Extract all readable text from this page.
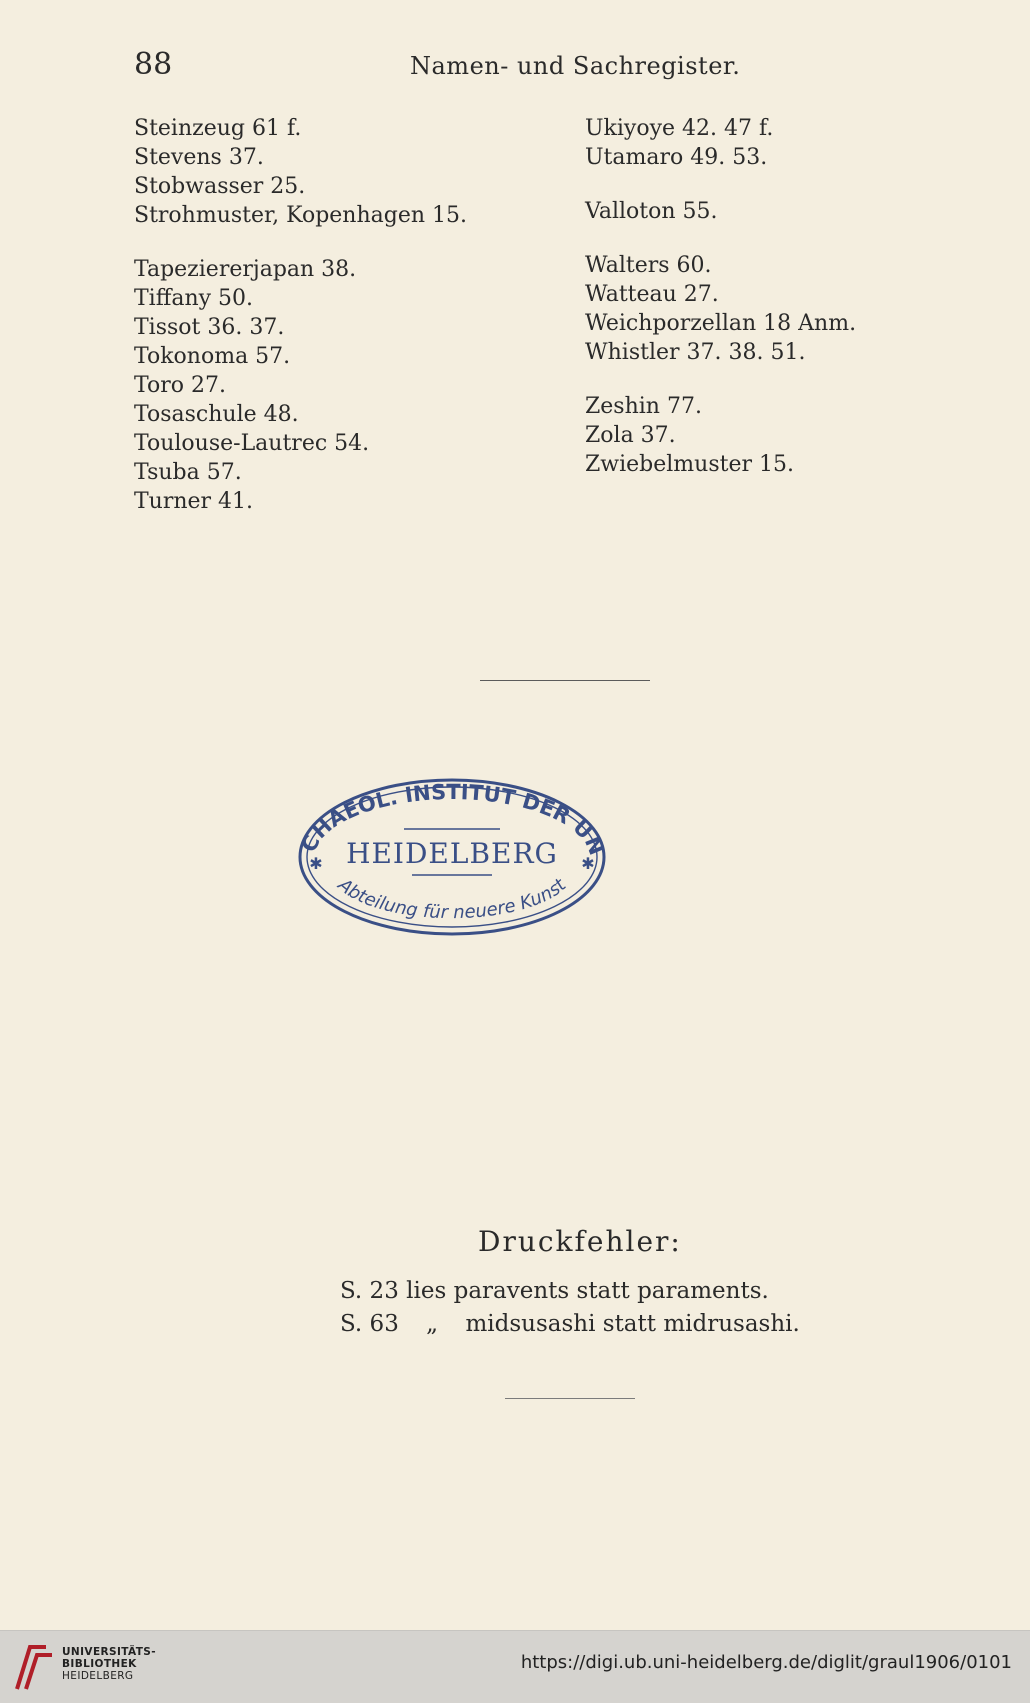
88	Namen- und Sachregister.
Steinzeug 61 f.
Stevens 37.
Stobwasser 25.
Strohmuster, Kopenhagen 15.
Tapeziererjapan 38.
Tiffany 50.
Tissot 36. 37.
Tokonoma 57.
Toro 27.
Tosaschule 48.
Toulouse-Lautrec 54.
Tsuba 57.
Turner 41.
Ukiyoye 42. 47 f.
Utamaro 49. 53.
Valloton 55.
Walters 60.
Watteau 27.
Weichporzellan 18 Anm.
Whistler 37. 38. 51.
Zeshin 77.
Zola 37.
Zwiebelmuster 15.
CHAEOL. INSTITUT DER UN
HEIDELBERG
Abteilung für neuere Kunst
✱	✱
Druckfehler:
S. 23 lies paravents statt paraments.
S. 63 „ midsusashi statt midrusashi.
UNIVERSITÄTS-
BIBLIOTHEK
HEIDELBERG
https://digi.ub.uni-heidelberg.de/diglit/graul1906/0101
